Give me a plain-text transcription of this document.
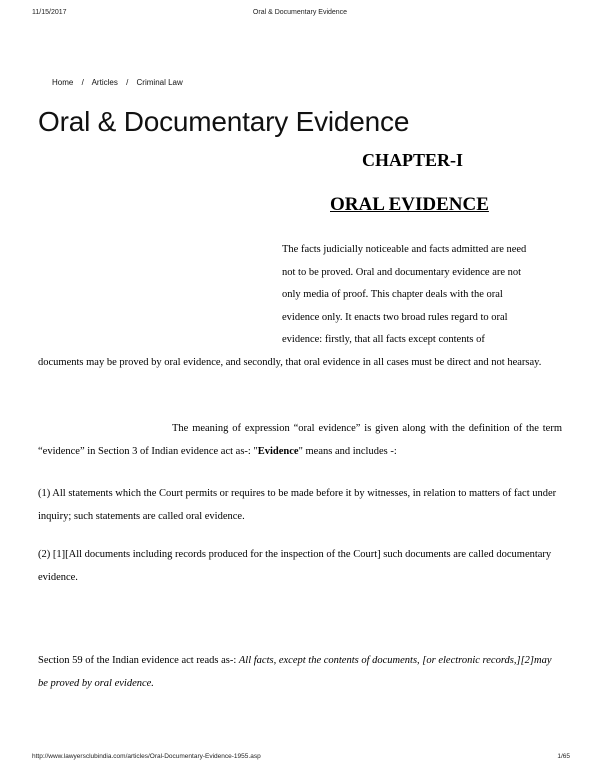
11/15/2017	Oral & Documentary Evidence
Home / Articles / Criminal Law
Oral & Documentary Evidence
CHAPTER-I
ORAL EVIDENCE
The facts judicially noticeable and facts admitted are need
not to be proved. Oral and documentary evidence are not
only media of proof. This chapter deals with the oral
evidence only. It enacts two broad rules regard to oral
evidence: firstly, that all facts except contents of

documents may be proved by oral evidence, and secondly, that oral evidence in all cases must be direct and not hearsay.

The meaning of expression “oral evidence” is given along with the definition of the term “evidence” in Section 3 of Indian evidence act as-: "Evidence" means and includes -:

(1) All statements which the Court permits or requires to be made before it by witnesses, in relation to matters of fact under inquiry; such statements are called oral evidence.

(2) [1][All documents including records produced for the inspection of the Court] such documents are called documentary evidence.

Section 59 of the Indian evidence act reads as-: All facts, except the contents of documents, [or electronic records,][2]may be proved by oral evidence.

http://www.lawyersclubindia.com/articles/Oral-Documentary-Evidence-1955.asp	1/65
